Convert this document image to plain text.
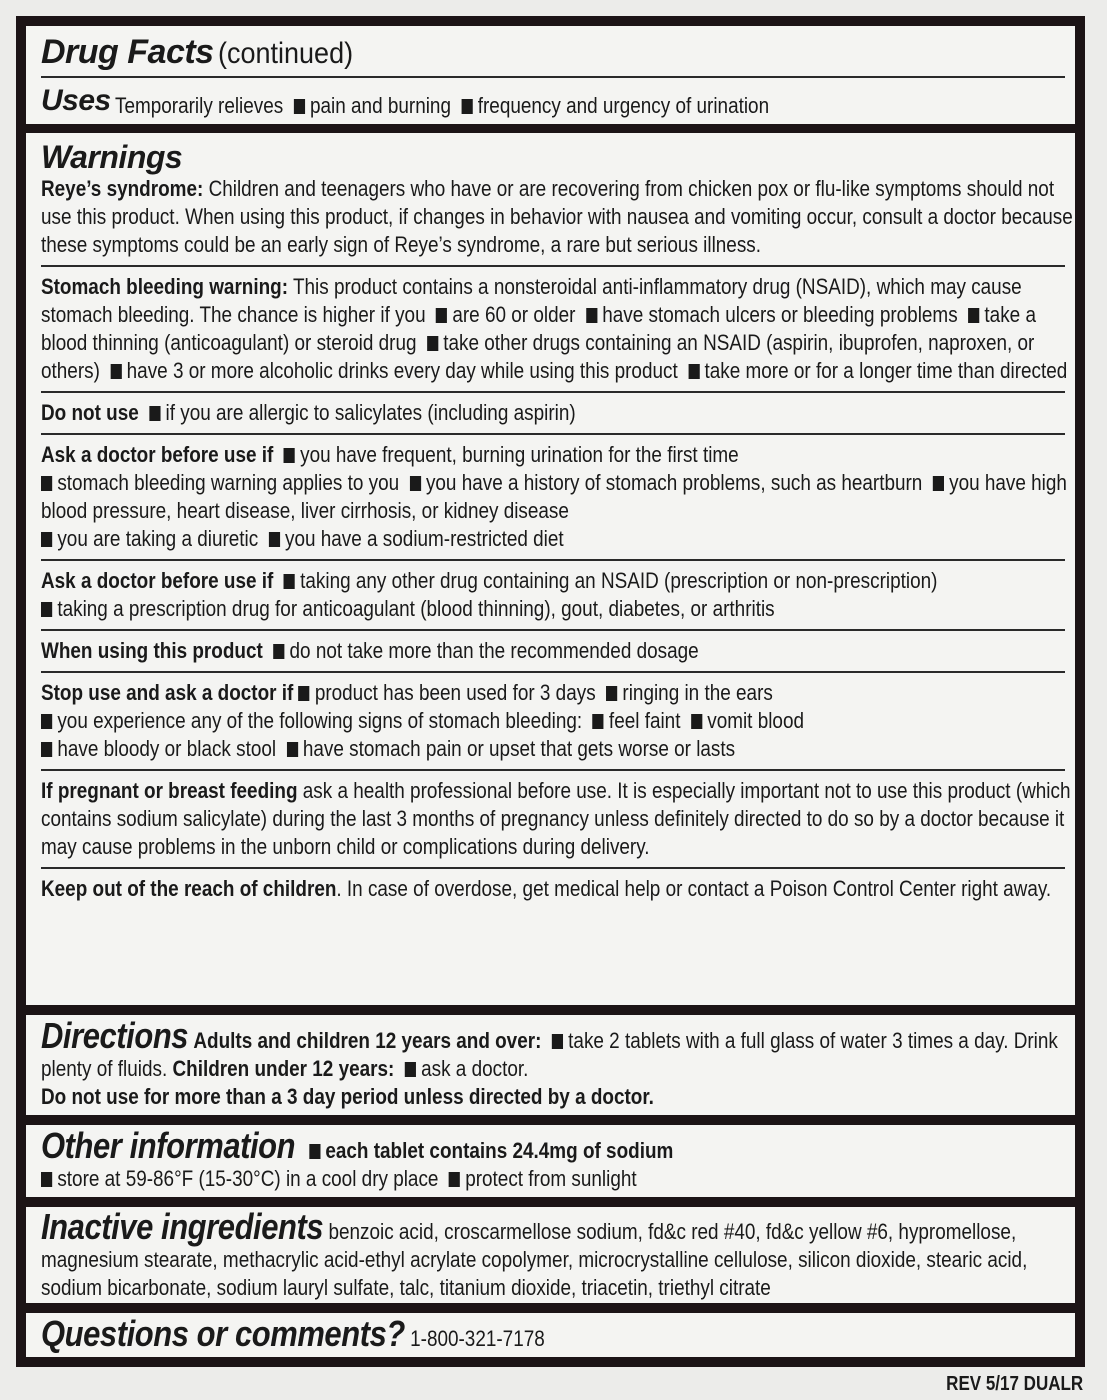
Drug Facts (continued)
Uses Temporarily relieves pain and burning frequency and urgency of urination
Warnings
Reye’s syndrome: Children and teenagers who have or are recovering from chicken pox or flu-like symptoms should not use this product. When using this product, if changes in behavior with nausea and vomiting occur, consult a doctor because these symptoms could be an early sign of Reye’s syndrome, a rare but serious illness.
Stomach bleeding warning: This product contains a nonsteroidal anti-inflammatory drug (NSAID), which may cause stomach bleeding. The chance is higher if you are 60 or older have stomach ulcers or bleeding problems take a blood thinning (anticoagulant) or steroid drug take other drugs containing an NSAID (aspirin, ibuprofen, naproxen, or others) have 3 or more alcoholic drinks every day while using this product take more or for a longer time than directed
Do not use if you are allergic to salicylates (including aspirin)
Ask a doctor before use if you have frequent, burning urination for the first time
stomach bleeding warning applies to you you have a history of stomach problems, such as heartburn you have high blood pressure, heart disease, liver cirrhosis, or kidney disease
you are taking a diuretic you have a sodium-restricted diet
Ask a doctor before use if taking any other drug containing an NSAID (prescription or non-prescription)
taking a prescription drug for anticoagulant (blood thinning), gout, diabetes, or arthritis
When using this product do not take more than the recommended dosage
Stop use and ask a doctor if product has been used for 3 days ringing in the ears
you experience any of the following signs of stomach bleeding: feel faint vomit blood
have bloody or black stool have stomach pain or upset that gets worse or lasts
If pregnant or breast feeding ask a health professional before use. It is especially important not to use this product (which contains sodium salicylate) during the last 3 months of pregnancy unless definitely directed to do so by a doctor because it may cause problems in the unborn child or complications during delivery.
Keep out of the reach of children. In case of overdose, get medical help or contact a Poison Control Center right away.
Directions Adults and children 12 years and over: take 2 tablets with a full glass of water 3 times a day. Drink plenty of fluids. Children under 12 years: ask a doctor.
Do not use for more than a 3 day period unless directed by a doctor.
Other information each tablet contains 24.4mg of sodium
store at 59-86°F (15-30°C) in a cool dry place protect from sunlight
Inactive ingredients benzoic acid, croscarmellose sodium, fd&c red #40, fd&c yellow #6, hypromellose, magnesium stearate, methacrylic acid-ethyl acrylate copolymer, microcrystalline cellulose, silicon dioxide, stearic acid, sodium bicarbonate, sodium lauryl sulfate, talc, titanium dioxide, triacetin, triethyl citrate
Questions or comments? 1-800-321-7178
REV 5/17 DUALR
